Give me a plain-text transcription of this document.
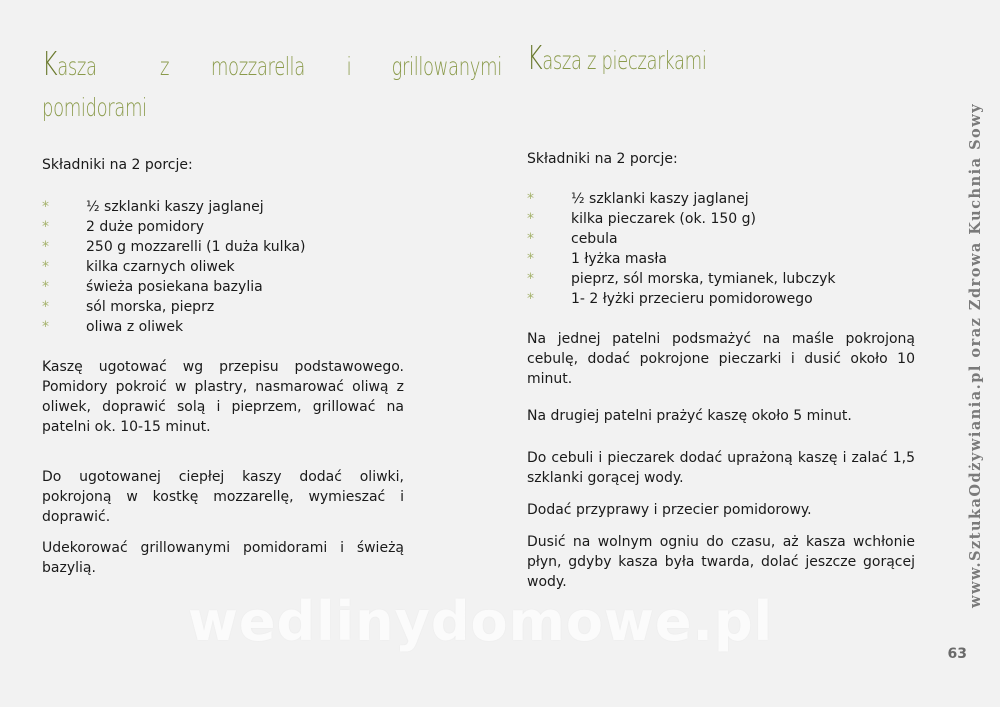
Kasza	z mozzarella i grillowanymi
pomidorami

Składniki na 2 porcje:

*	½ szklanki kaszy jaglanej
*	2 duże pomidory
*	250 g mozzarelli (1 duża kulka)
*	kilka czarnych oliwek
*	świeża posiekana bazylia
*	sól morska, pieprz
*	oliwa z oliwek

Kaszę ugotować wg przepisu podstawowego. Pomidory pokroić w plastry, nasmarować oliwą z oliwek, doprawić solą i pieprzem, grillować na patelni ok. 10-15 minut.

Do ugotowanej ciepłej kaszy dodać oliwki, pokrojoną w kostkę mozzarellę, wymieszać i doprawić.

Udekorować grillowanymi pomidorami i świeżą bazylią.

Kasza z pieczarkami

Składniki na 2 porcje:

*	½ szklanki kaszy jaglanej
*	kilka pieczarek (ok. 150 g)
*	cebula
*	1 łyżka masła
*	pieprz, sól morska, tymianek, lubczyk
*	1- 2 łyżki przecieru pomidorowego

Na jednej patelni podsmażyć na maśle pokrojoną cebulę, dodać pokrojone pieczarki i dusić około 10 minut.

Na drugiej patelni prażyć kaszę około 5 minut.

Do cebuli i pieczarek dodać uprażoną kaszę i zalać 1,5 szklanki gorącej wody.

Dodać przyprawy i przecier pomidorowy.

Dusić na wolnym ogniu do czasu, aż kasza wchłonie płyn, gdyby kasza była twarda, dolać jeszcze gorącej wody.	www.SztukaOdżywiania.pl oraz Zdrowa Kuchnia Sowy
63
wedlinydomowe.pl
